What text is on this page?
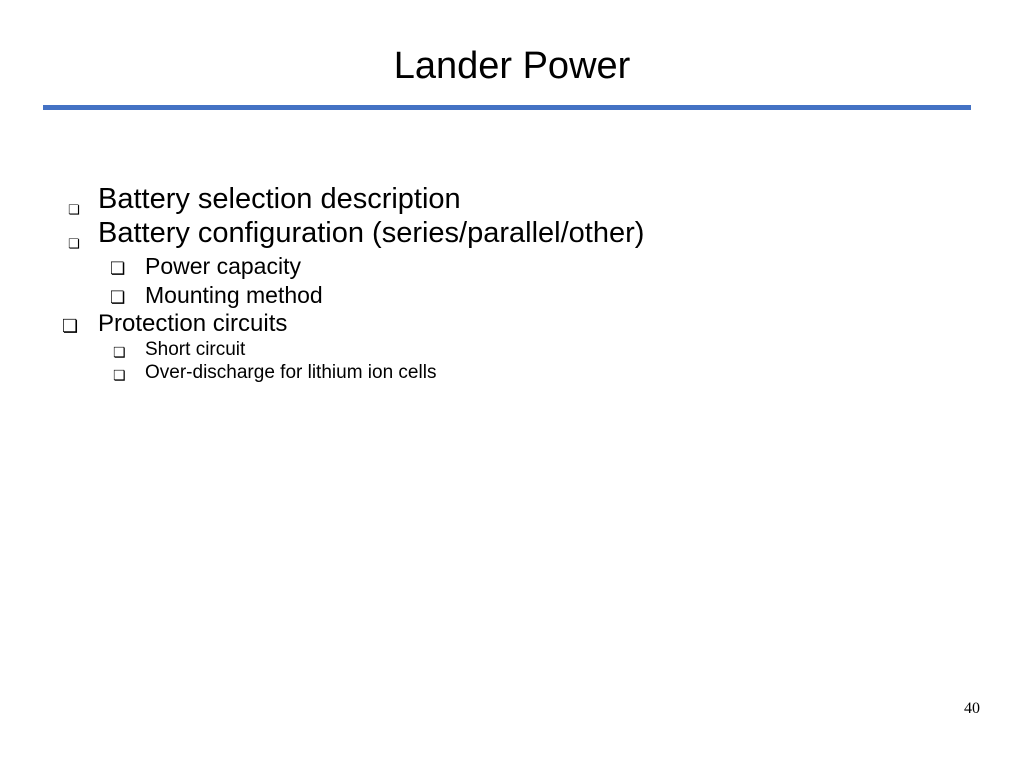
Lander Power
❏ Battery selection description
❏ Battery configuration (series/parallel/other)
❏ Power capacity
❏ Mounting method
❏ Protection circuits
❏ Short circuit
❏ Over-discharge for lithium ion cells
40
